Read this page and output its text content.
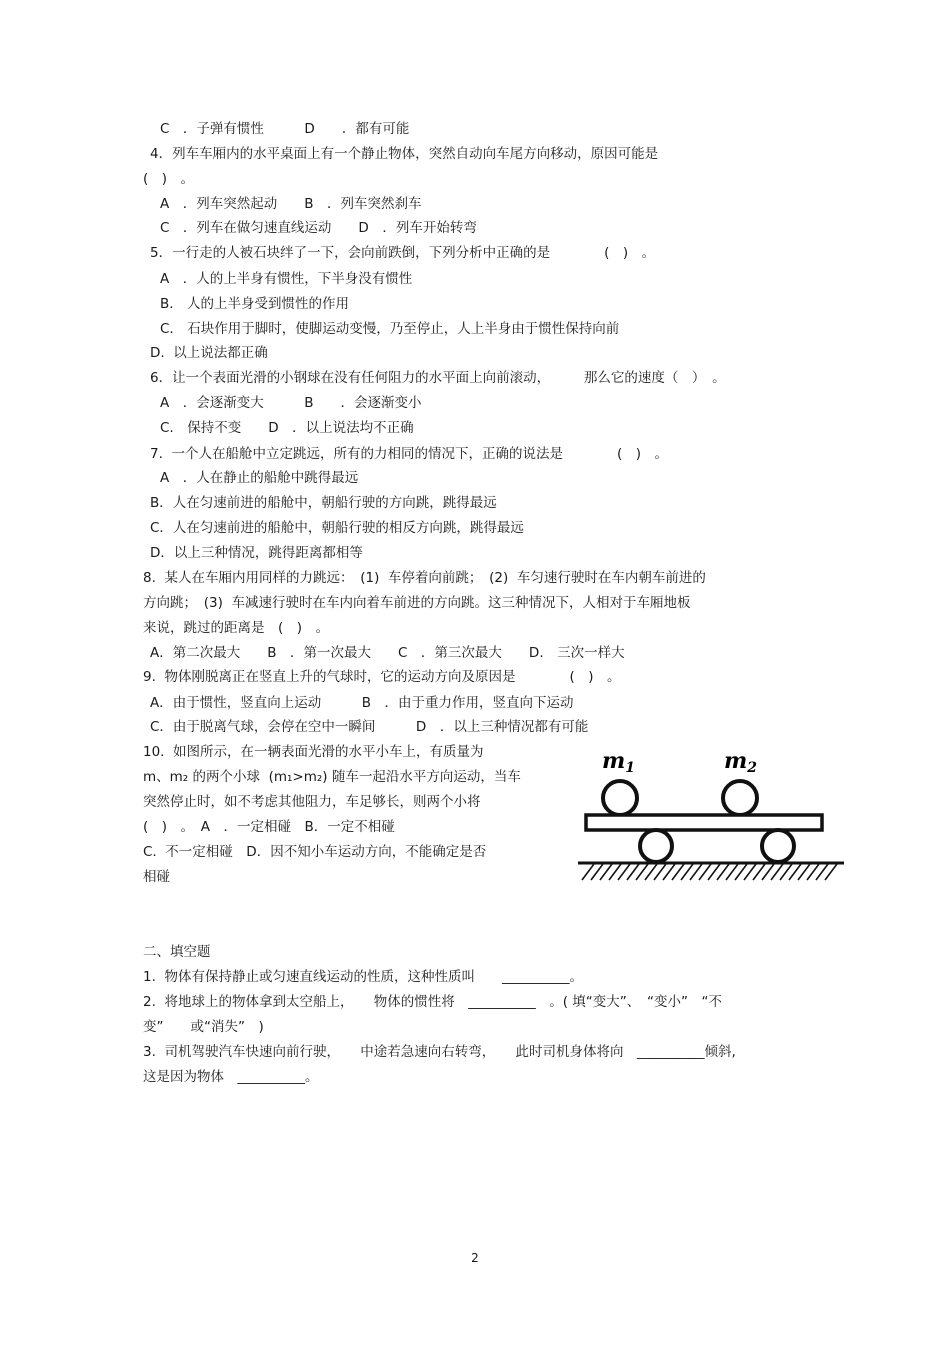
C　．子弹有惯性　　　D　　．都有可能
4．列车车厢内的水平桌面上有一个静止物体，突然自动向车尾方向移动，原因可能是
(　)　。
A　．列车突然起动　　B　．列车突然刹车
C　．列车在做匀速直线运动　　D　．列车开始转弯
5．一行走的人被石块绊了一下，会向前跌倒，下列分析中正确的是　　　　(　)　。
A　．人的上半身有惯性，下半身没有惯性
B.　人的上半身受到惯性的作用
C.　石块作用于脚时，使脚运动变慢，乃至停止，人上半身由于惯性保持向前
D.  以上说法都正确
6．让一个表面光滑的小钢球在没有任何阻力的水平面上向前滚动，　　　那么它的速度（　）　。
A　．会逐渐变大　　　B　　．会逐渐变小
C.　保持不变　　D　．以上说法均不正确
7.  一个人在船舱中立定跳远，所有的力相同的情况下，正确的说法是　　　　(　)　。
A　．人在静止的船舱中跳得最远
B．人在匀速前进的船舱中，朝船行驶的方向跳，跳得最远
C．人在匀速前进的船舱中，朝船行驶的相反方向跳，跳得最远
D．以上三种情况，跳得距离都相等
8.  某人在车厢内用同样的力跳远：　(1)  车停着向前跳；　(2)  车匀速行驶时在车内朝车前进的
方向跳；　(3)  车减速行驶时在车内向着车前进的方向跳。这三种情况下，人相对于车厢地板
来说，跳过的距离是　(　)　。
A．第二次最大　　B　．第一次最大　　C　．第三次最大　　D.　三次一样大
9.  物体刚脱离正在竖直上升的气球时，它的运动方向及原因是　　　　(　)　。
A．由于惯性，竖直向上运动　　　B　．由于重力作用，竖直向下运动
C．由于脱离气球，会停在空中一瞬间　　　D　．以上三种情况都有可能
10.  如图所示，在一辆表面光滑的水平小车上，有质量为
m、m₂ 的两个小球  (m₁>m₂) 随车一起沿水平方向运动，当车
突然停止时，如不考虑其他阻力，车足够长，则两个小将
(　)　。　A　．一定相碰　B．一定不相碰
C.  不一定相碰　D．因不知小车运动方向，不能确定是否
相碰
二、填空题
1.  物体有保持静止或匀速直线运动的性质，这种性质叫　　__________。
2.  将地球上的物体拿到太空船上，　　物体的惯性将　__________　。( 填“变大”、　“变小”　“不
变”　　或“消失”　)
3.  司机驾驶汽车快速向前行驶，　　中途若急速向右转弯，　　此时司机身体将向　__________倾斜,
这是因为物体　__________。
m1	m2
2
